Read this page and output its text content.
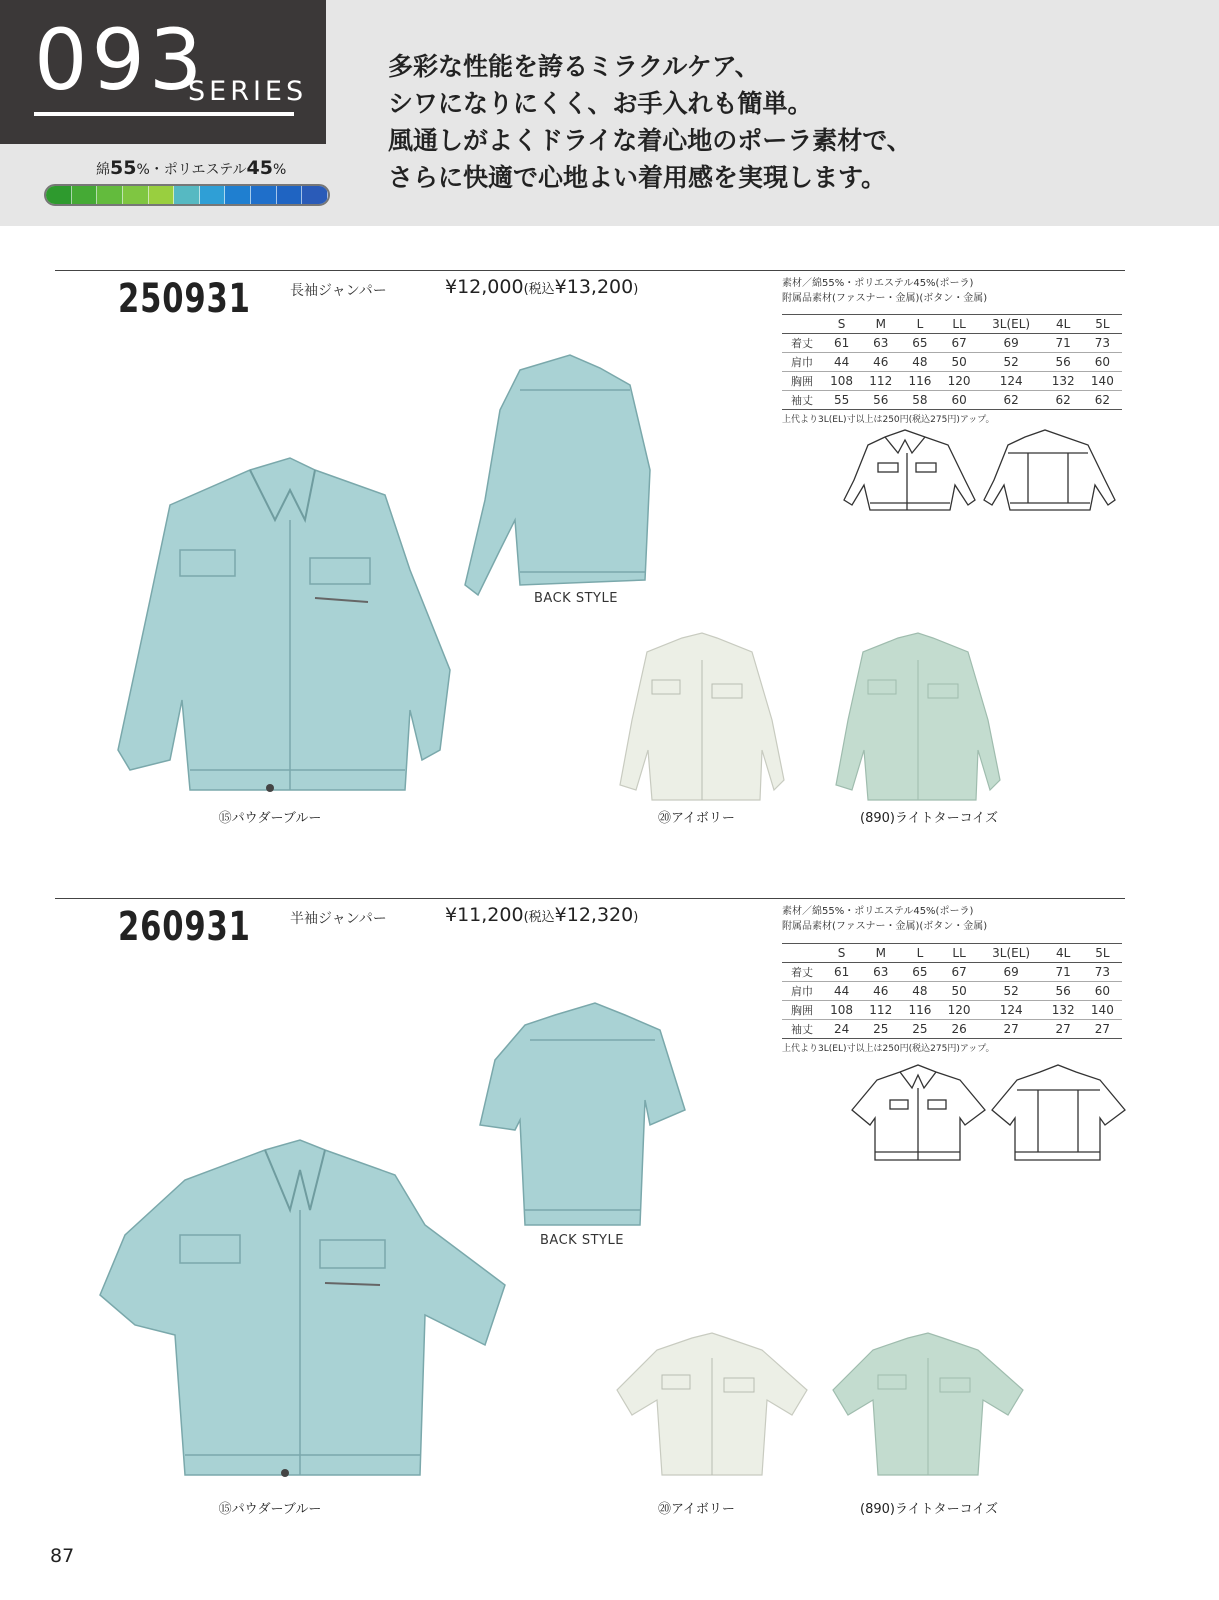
093
SERIES
綿55%・ポリエステル45%
多彩な性能を誇るミラクルケア、
シワになりにくく、お手入れも簡単。
風通しがよくドライな着心地のポーラ素材で、
さらに快適で心地よい着用感を実現します。
250931	長袖ジャンパー	¥12,000(税込¥13,200)	素材／綿55%・ポリエステル45%(ポーラ)
附属品素材(ファスナー・金属)(ボタン・金属)
	S	M	L	LL	3L(EL)	4L	5L
着丈	61	63	65	67	69	71	73
肩巾	44	46	48	50	52	56	60
胸囲	108	112	116	120	124	132	140
袖丈	55	56	58	60	62	62	62
上代より3L(EL)寸以上は250円(税込275円)アップ。
BACK STYLE
⑮パウダーブルー	⑳アイボリー	(890)ライトターコイズ
260931	半袖ジャンパー	¥11,200(税込¥12,320)	素材／綿55%・ポリエステル45%(ポーラ)
附属品素材(ファスナー・金属)(ボタン・金属)
	S	M	L	LL	3L(EL)	4L	5L
着丈	61	63	65	67	69	71	73
肩巾	44	46	48	50	52	56	60
胸囲	108	112	116	120	124	132	140
袖丈	24	25	25	26	27	27	27
上代より3L(EL)寸以上は250円(税込275円)アップ。
BACK STYLE
⑮パウダーブルー	⑳アイボリー	(890)ライトターコイズ
87
